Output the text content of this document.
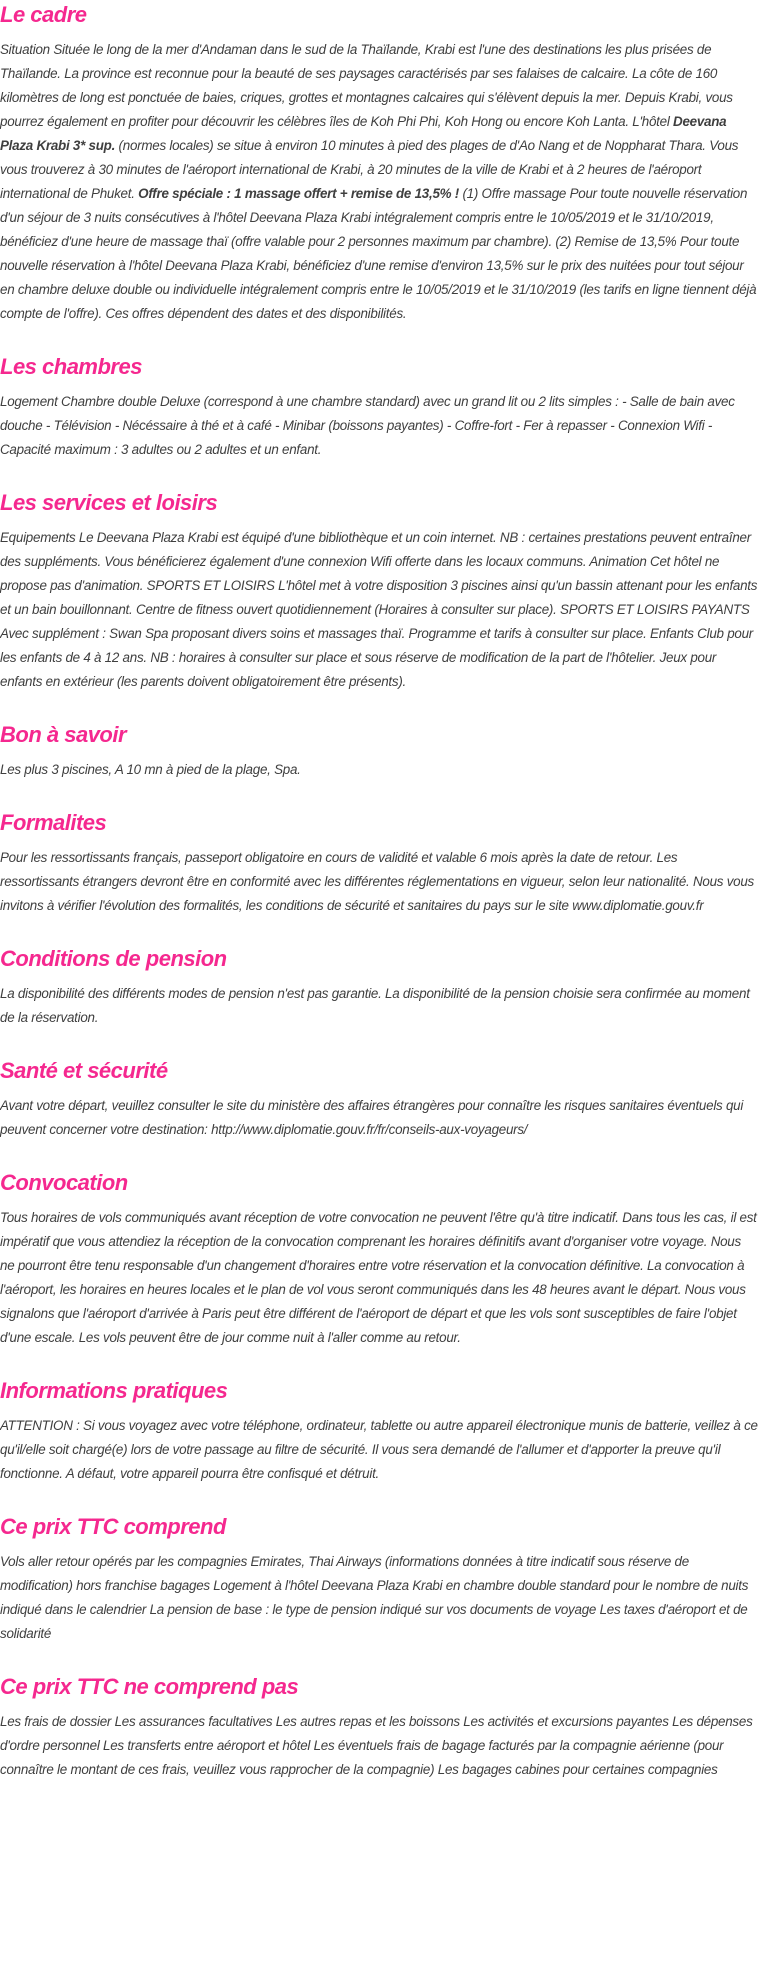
Le cadre

Situation Située le long de la mer d'Andaman dans le sud de la Thaïlande, Krabi est l'une des destinations les plus prisées de Thaïlande. La province est reconnue pour la beauté de ses paysages caractérisés par ses falaises de calcaire. La côte de 160 kilomètres de long est ponctuée de baies, criques, grottes et montagnes calcaires qui s'élèvent depuis la mer. Depuis Krabi, vous pourrez également en profiter pour découvrir les célèbres îles de Koh Phi Phi, Koh Hong ou encore Koh Lanta. L'hôtel Deevana Plaza Krabi 3* sup. (normes locales) se situe à environ 10 minutes à pied des plages de d'Ao Nang et de Noppharat Thara. Vous vous trouverez à 30 minutes de l'aéroport international de Krabi, à 20 minutes de la ville de Krabi et à 2 heures de l'aéroport international de Phuket. Offre spéciale : 1 massage offert + remise de 13,5% ! (1) Offre massage Pour toute nouvelle réservation d'un séjour de 3 nuits consécutives à l'hôtel Deevana Plaza Krabi intégralement compris entre le 10/05/2019 et le 31/10/2019, bénéficiez d'une heure de massage thaï (offre valable pour 2 personnes maximum par chambre). (2) Remise de 13,5% Pour toute nouvelle réservation à l'hôtel Deevana Plaza Krabi, bénéficiez d'une remise d'environ 13,5% sur le prix des nuitées pour tout séjour en chambre deluxe double ou individuelle intégralement compris entre le 10/05/2019 et le 31/10/2019 (les tarifs en ligne tiennent déjà compte de l'offre). Ces offres dépendent des dates et des disponibilités.

Les chambres

Logement Chambre double Deluxe (correspond à une chambre standard) avec un grand lit ou 2 lits simples : - Salle de bain avec douche - Télévision - Nécéssaire à thé et à café - Minibar (boissons payantes) - Coffre-fort - Fer à repasser - Connexion Wifi -Capacité maximum : 3 adultes ou 2 adultes et un enfant.

Les services et loisirs

Equipements Le Deevana Plaza Krabi est équipé d'une bibliothèque et un coin internet. NB : certaines prestations peuvent entraîner des suppléments. Vous bénéficierez également d'une connexion Wifi offerte dans les locaux communs. Animation Cet hôtel ne propose pas d'animation. SPORTS ET LOISIRS L'hôtel met à votre disposition 3 piscines ainsi qu'un bassin attenant pour les enfants et un bain bouillonnant. Centre de fitness ouvert quotidiennement (Horaires à consulter sur place). SPORTS ET LOISIRS PAYANTS Avec supplément : Swan Spa proposant divers soins et massages thaï. Programme et tarifs à consulter sur place. Enfants Club pour les enfants de 4 à 12 ans. NB : horaires à consulter sur place et sous réserve de modification de la part de l'hôtelier. Jeux pour enfants en extérieur (les parents doivent obligatoirement être présents).

Bon à savoir

Les plus 3 piscines, A 10 mn à pied de la plage, Spa.

Formalites

Pour les ressortissants français, passeport obligatoire en cours de validité et valable 6 mois après la date de retour. Les ressortissants étrangers devront être en conformité avec les différentes réglementations en vigueur, selon leur nationalité. Nous vous invitons à vérifier l'évolution des formalités, les conditions de sécurité et sanitaires du pays sur le site www.diplomatie.gouv.fr

Conditions de pension

La disponibilité des différents modes de pension n'est pas garantie. La disponibilité de la pension choisie sera confirmée au moment de la réservation.

Santé et sécurité

Avant votre départ, veuillez consulter le site du ministère des affaires étrangères pour connaître les risques sanitaires éventuels qui peuvent concerner votre destination: http://www.diplomatie.gouv.fr/fr/conseils-aux-voyageurs/

Convocation

Tous horaires de vols communiqués avant réception de votre convocation ne peuvent l'être qu'à titre indicatif. Dans tous les cas, il est impératif que vous attendiez la réception de la convocation comprenant les horaires définitifs avant d'organiser votre voyage. Nous ne pourront être tenu responsable d'un changement d'horaires entre votre réservation et la convocation définitive. La convocation à l'aéroport, les horaires en heures locales et le plan de vol vous seront communiqués dans les 48 heures avant le départ. Nous vous signalons que l'aéroport d'arrivée à Paris peut être différent de l'aéroport de départ et que les vols sont susceptibles de faire l'objet d'une escale. Les vols peuvent être de jour comme nuit à l'aller comme au retour.

Informations pratiques

ATTENTION : Si vous voyagez avec votre téléphone, ordinateur, tablette ou autre appareil électronique munis de batterie, veillez à ce qu'il/elle soit chargé(e) lors de votre passage au filtre de sécurité. Il vous sera demandé de l'allumer et d'apporter la preuve qu'il fonctionne. A défaut, votre appareil pourra être confisqué et détruit.

Ce prix TTC comprend

Vols aller retour opérés par les compagnies Emirates, Thai Airways (informations données à titre indicatif sous réserve de modification) hors franchise bagages Logement à l'hôtel Deevana Plaza Krabi en chambre double standard pour le nombre de nuits indiqué dans le calendrier La pension de base : le type de pension indiqué sur vos documents de voyage Les taxes d'aéroport et de solidarité

Ce prix TTC ne comprend pas

Les frais de dossier Les assurances facultatives Les autres repas et les boissons Les activités et excursions payantes Les dépenses d'ordre personnel Les transferts entre aéroport et hôtel Les éventuels frais de bagage facturés par la compagnie aérienne (pour connaître le montant de ces frais, veuillez vous rapprocher de la compagnie) Les bagages cabines pour certaines compagnies
